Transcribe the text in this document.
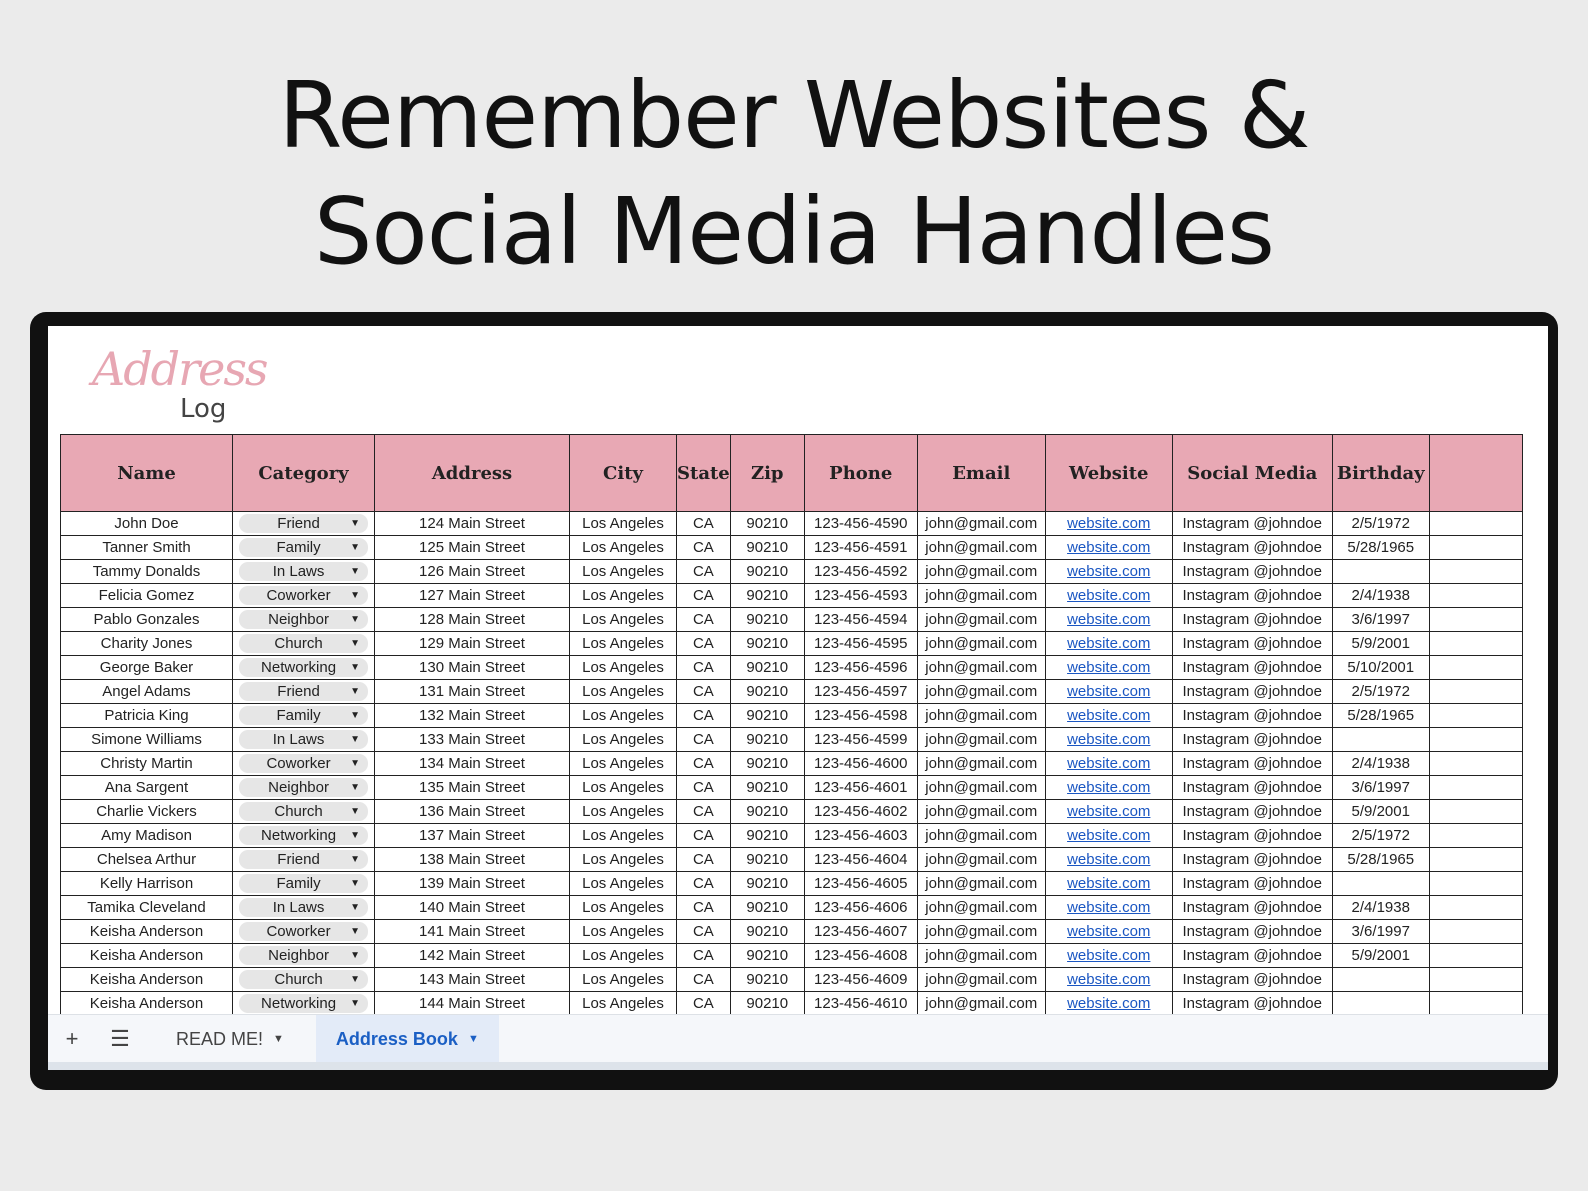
Remember Websites &
Social Media Handles
Address
Log
Name	Category	Address	City	State	Zip	Phone	Email	Website	Social Media	Birthday	
John Doe	Friend ▼	124 Main Street	Los Angeles	CA	90210	123-456-4590	john@gmail.com	website.com	Instagram @johndoe	2/5/1972	
Tanner Smith	Family ▼	125 Main Street	Los Angeles	CA	90210	123-456-4591	john@gmail.com	website.com	Instagram @johndoe	5/28/1965	
Tammy Donalds	In Laws ▼	126 Main Street	Los Angeles	CA	90210	123-456-4592	john@gmail.com	website.com	Instagram @johndoe		
Felicia Gomez	Coworker ▼	127 Main Street	Los Angeles	CA	90210	123-456-4593	john@gmail.com	website.com	Instagram @johndoe	2/4/1938	
Pablo Gonzales	Neighbor ▼	128 Main Street	Los Angeles	CA	90210	123-456-4594	john@gmail.com	website.com	Instagram @johndoe	3/6/1997	
Charity Jones	Church ▼	129 Main Street	Los Angeles	CA	90210	123-456-4595	john@gmail.com	website.com	Instagram @johndoe	5/9/2001	
George Baker	Networking ▼	130 Main Street	Los Angeles	CA	90210	123-456-4596	john@gmail.com	website.com	Instagram @johndoe	5/10/2001	
Angel Adams	Friend ▼	131 Main Street	Los Angeles	CA	90210	123-456-4597	john@gmail.com	website.com	Instagram @johndoe	2/5/1972	
Patricia King	Family ▼	132 Main Street	Los Angeles	CA	90210	123-456-4598	john@gmail.com	website.com	Instagram @johndoe	5/28/1965	
Simone Williams	In Laws ▼	133 Main Street	Los Angeles	CA	90210	123-456-4599	john@gmail.com	website.com	Instagram @johndoe		
Christy Martin	Coworker ▼	134 Main Street	Los Angeles	CA	90210	123-456-4600	john@gmail.com	website.com	Instagram @johndoe	2/4/1938	
Ana Sargent	Neighbor ▼	135 Main Street	Los Angeles	CA	90210	123-456-4601	john@gmail.com	website.com	Instagram @johndoe	3/6/1997	
Charlie Vickers	Church ▼	136 Main Street	Los Angeles	CA	90210	123-456-4602	john@gmail.com	website.com	Instagram @johndoe	5/9/2001	
Amy Madison	Networking ▼	137 Main Street	Los Angeles	CA	90210	123-456-4603	john@gmail.com	website.com	Instagram @johndoe	2/5/1972	
Chelsea Arthur	Friend ▼	138 Main Street	Los Angeles	CA	90210	123-456-4604	john@gmail.com	website.com	Instagram @johndoe	5/28/1965	
Kelly Harrison	Family ▼	139 Main Street	Los Angeles	CA	90210	123-456-4605	john@gmail.com	website.com	Instagram @johndoe		
Tamika Cleveland	In Laws ▼	140 Main Street	Los Angeles	CA	90210	123-456-4606	john@gmail.com	website.com	Instagram @johndoe	2/4/1938	
Keisha Anderson	Coworker ▼	141 Main Street	Los Angeles	CA	90210	123-456-4607	john@gmail.com	website.com	Instagram @johndoe	3/6/1997	
Keisha Anderson	Neighbor ▼	142 Main Street	Los Angeles	CA	90210	123-456-4608	john@gmail.com	website.com	Instagram @johndoe	5/9/2001	
Keisha Anderson	Church ▼	143 Main Street	Los Angeles	CA	90210	123-456-4609	john@gmail.com	website.com	Instagram @johndoe		
Keisha Anderson	Networking ▼	144 Main Street	Los Angeles	CA	90210	123-456-4610	john@gmail.com	website.com	Instagram @johndoe		
+	☰	READ ME! ▼	Address Book ▼
